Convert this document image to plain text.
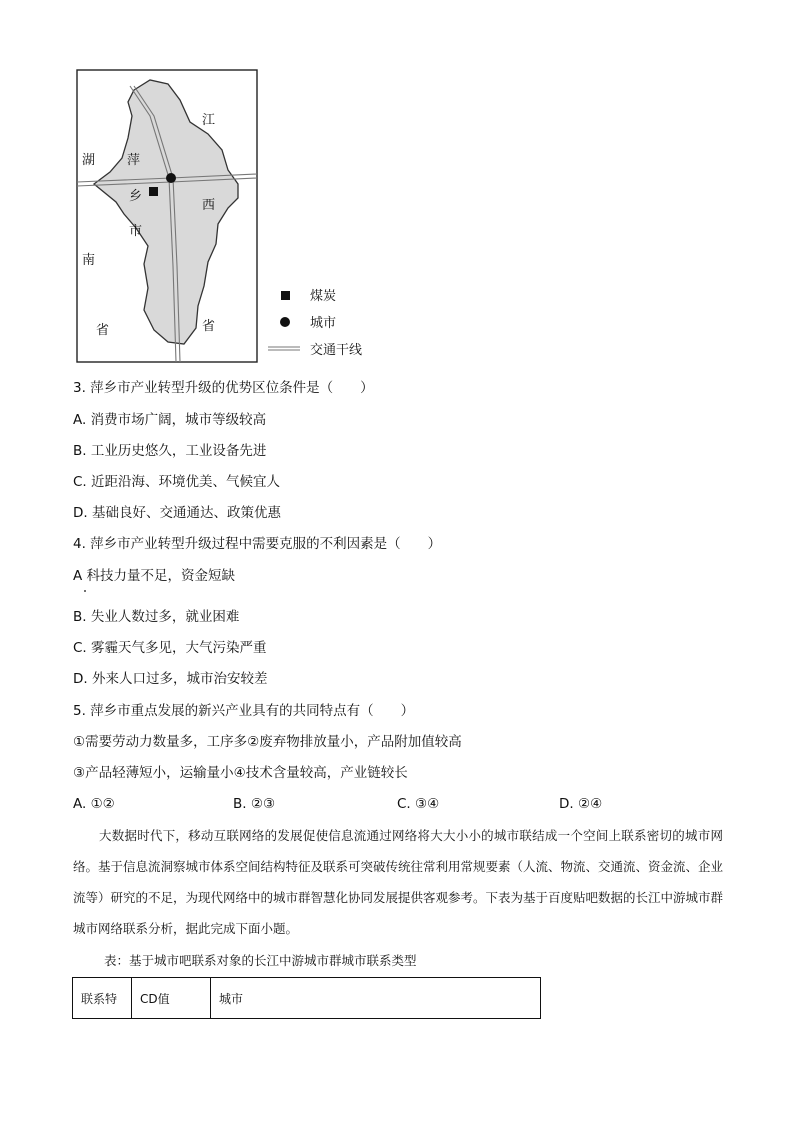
江
湖 萍
乡
西
市
南
省	省
煤炭
城市
交通干线
3. 萍乡市产业转型升级的优势区位条件是（　　）
A. 消费市场广阔，城市等级较高
B. 工业历史悠久，工业设备先进
C. 近距沿海、环境优美、气候宜人
D. 基础良好、交通通达、政策优惠
4. 萍乡市产业转型升级过程中需要克服的不利因素是（　　）
A 科技力量不足，资金短缺
B. 失业人数过多，就业困难
C. 雾霾天气多见，大气污染严重
D. 外来人口过多，城市治安较差
5. 萍乡市重点发展的新兴产业具有的共同特点有（　　）
①需要劳动力数量多，工序多②废弃物排放量小，产品附加值较高
③产品轻薄短小，运输量小④技术含量较高，产业链较长
A. ①②	B. ②③	C. ③④	D. ②④

大数据时代下，移动互联网络的发展促使信息流通过网络将大大小小的城市联结成一个空间上联系密切的城市网络。基于信息流洞察城市体系空间结构特征及联系可突破传统往常利用常规要素（人流、物流、交通流、资金流、企业流等）研究的不足，为现代网络中的城市群智慧化协同发展提供客观参考。下表为基于百度贴吧数据的长江中游城市群城市网络联系分析，据此完成下面小题。

表：基于城市吧联系对象的长江中游城市群城市联系类型
联系特	CD值	城市
